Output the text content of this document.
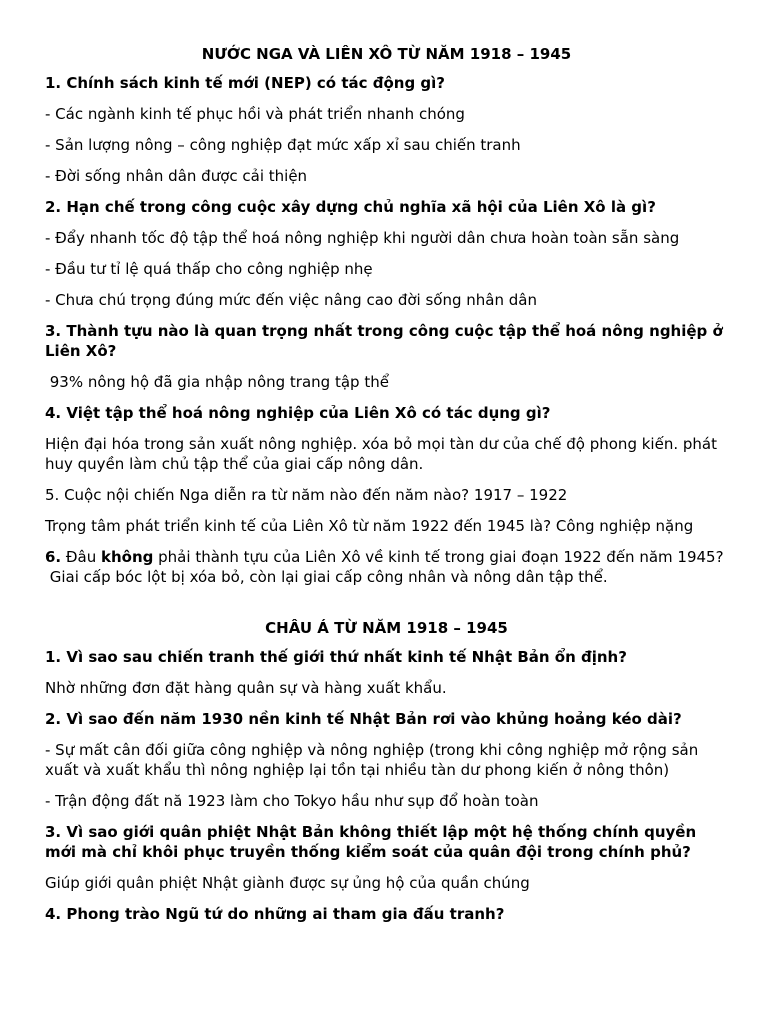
NƯỚC NGA VÀ LIÊN XÔ TỪ NĂM 1918 – 1945
1. Chính sách kinh tế mới (NEP) có tác động gì?
- Các ngành kinh tế phục hồi và phát triển nhanh chóng
- Sản lượng nông – công nghiệp đạt mức xấp xỉ sau chiến tranh
- Đời sống nhân dân được cải thiện
2. Hạn chế trong công cuộc xây dựng chủ nghĩa xã hội của Liên Xô là gì?
- Đẩy nhanh tốc độ tập thể hoá nông nghiệp khi người dân chưa hoàn toàn sẵn sàng
- Đầu tư tỉ lệ quá thấp cho công nghiệp nhẹ
- Chưa chú trọng đúng mức đến việc nâng cao đời sống nhân dân
3. Thành tựu nào là quan trọng nhất trong công cuộc tập thể hoá nông nghiệp ở Liên Xô?
93% nông hộ đã gia nhập nông trang tập thể
4. Việt tập thể hoá nông nghiệp của Liên Xô có tác dụng gì?
Hiện đại hóa trong sản xuất nông nghiệp. xóa bỏ mọi tàn dư của chế độ phong kiến. phát huy quyền làm chủ tập thể của giai cấp nông dân.
5. Cuộc nội chiến Nga diễn ra từ năm nào đến năm nào? 1917 – 1922
Trọng tâm phát triển kinh tế của Liên Xô từ năm 1922 đến 1945 là? Công nghiệp nặng
6. Đâu không phải thành tựu của Liên Xô về kinh tế trong giai đoạn 1922 đến năm 1945?
Giai cấp bóc lột bị xóa bỏ, còn lại giai cấp công nhân và nông dân tập thể.
CHÂU Á TỪ NĂM 1918 – 1945
1. Vì sao sau chiến tranh thế giới thứ nhất kinh tế Nhật Bản ổn định?
Nhờ những đơn đặt hàng quân sự và hàng xuất khẩu.
2. Vì sao đến năm 1930 nền kinh tế Nhật Bản rơi vào khủng hoảng kéo dài?
- Sự mất cân đối giữa công nghiệp và nông nghiệp (trong khi công nghiệp mở rộng sản xuất và xuất khẩu thì nông nghiệp lại tồn tại nhiều tàn dư phong kiến ở nông thôn)
- Trận động đất nă 1923 làm cho Tokyo hầu như sụp đổ hoàn toàn
3. Vì sao giới quân phiệt Nhật Bản không thiết lập một hệ thống chính quyền mới mà chỉ khôi phục truyền thống kiểm soát của quân đội trong chính phủ?
Giúp giới quân phiệt Nhật giành được sự ủng hộ của quần chúng
4. Phong trào Ngũ tứ do những ai tham gia đấu tranh?
